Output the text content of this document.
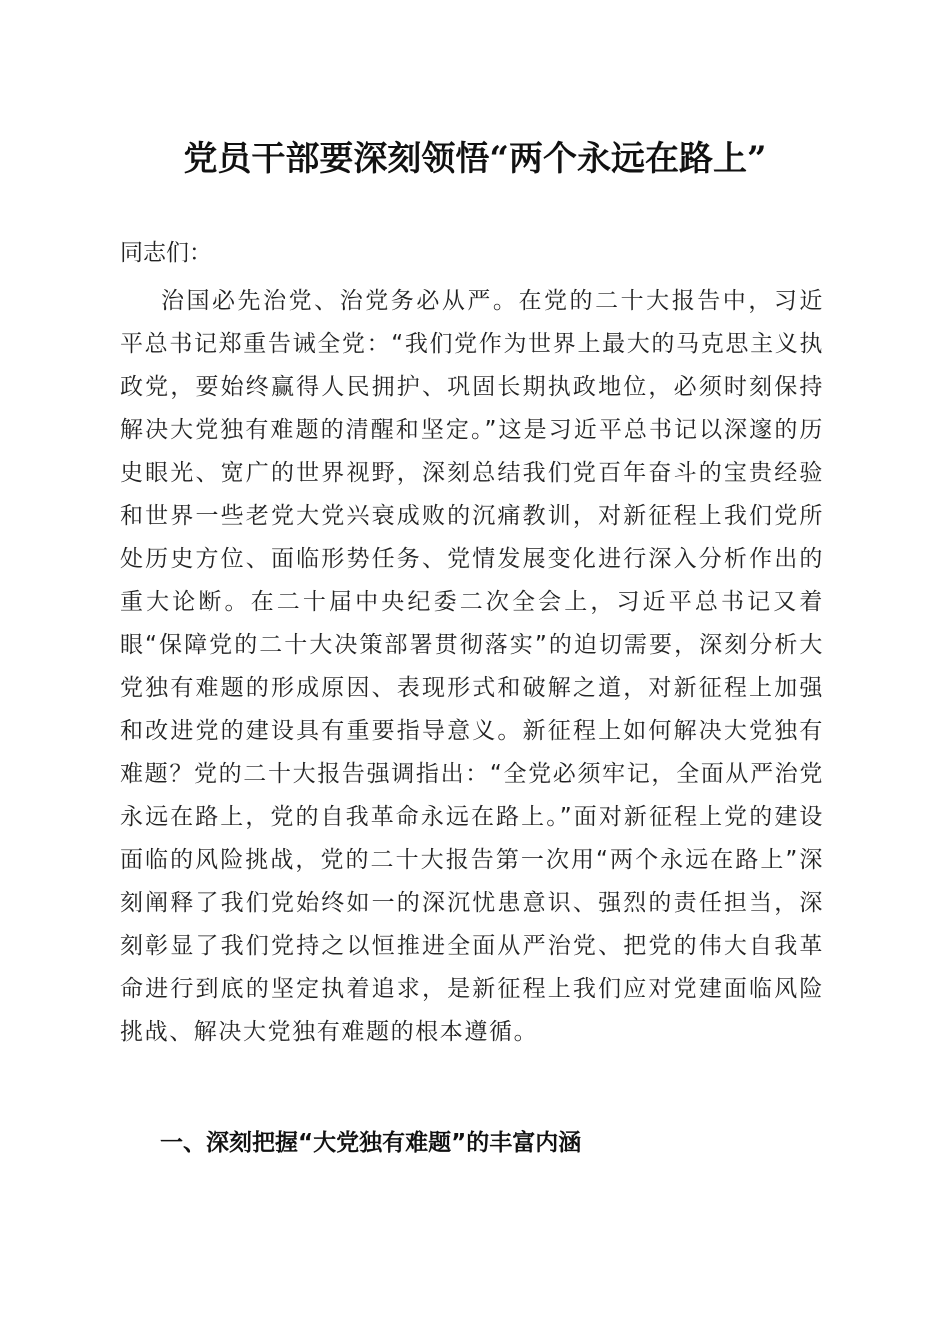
党员干部要深刻领悟“两个永远在路上”

同志们：

治国必先治党、治党务必从严。在党的二十大报告中，习近平总书记郑重告诫全党：“我们党作为世界上最大的马克思主义执政党，要始终赢得人民拥护、巩固长期执政地位，必须时刻保持解决大党独有难题的清醒和坚定。”这是习近平总书记以深邃的历史眼光、宽广的世界视野，深刻总结我们党百年奋斗的宝贵经验和世界一些老党大党兴衰成败的沉痛教训，对新征程上我们党所处历史方位、面临形势任务、党情发展变化进行深入分析作出的重大论断。在二十届中央纪委二次全会上，习近平总书记又着眼“保障党的二十大决策部署贯彻落实”的迫切需要，深刻分析大党独有难题的形成原因、表现形式和破解之道，对新征程上加强和改进党的建设具有重要指导意义。新征程上如何解决大党独有难题？党的二十大报告强调指出：“全党必须牢记，全面从严治党永远在路上，党的自我革命永远在路上。”面对新征程上党的建设面临的风险挑战，党的二十大报告第一次用“两个永远在路上”深刻阐释了我们党始终如一的深沉忧患意识、强烈的责任担当，深刻彰显了我们党持之以恒推进全面从严治党、把党的伟大自我革命进行到底的坚定执着追求，是新征程上我们应对党建面临风险挑战、解决大党独有难题的根本遵循。

一、深刻把握“大党独有难题”的丰富内涵
